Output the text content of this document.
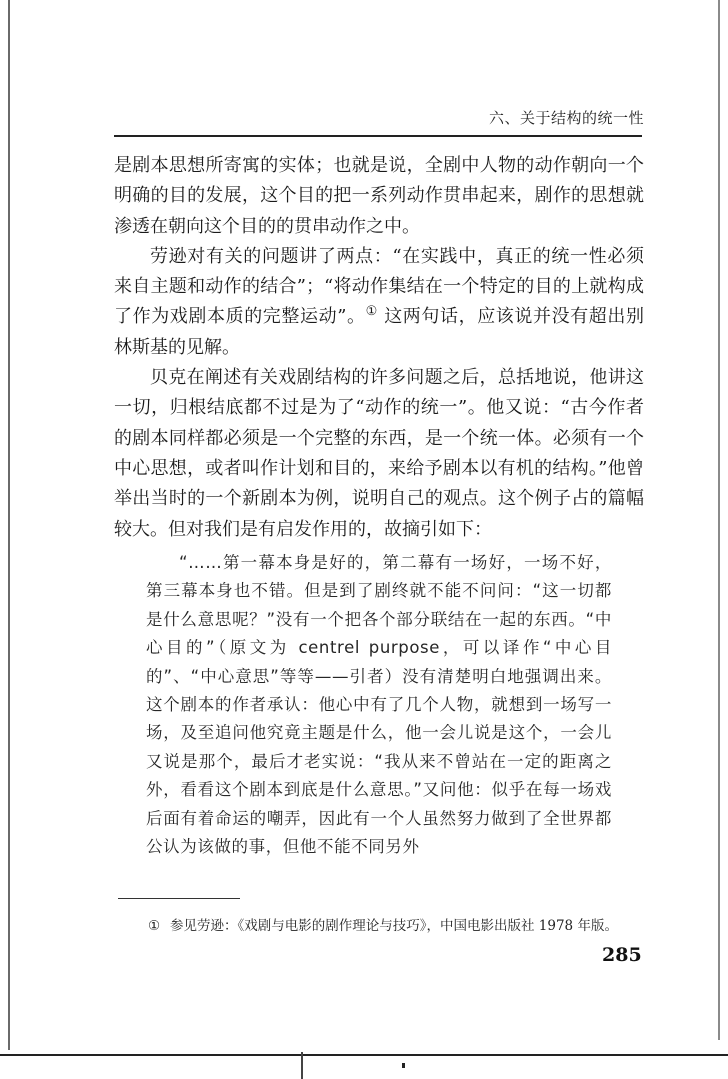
六、关于结构的统一性

是剧本思想所寄寓的实体；也就是说，全剧中人物的动作朝向一个明确的目的发展，这个目的把一系列动作贯串起来，剧作的思想就渗透在朝向这个目的的贯串动作之中。

劳逊对有关的问题讲了两点：“在实践中，真正的统一性必须来自主题和动作的结合”；“将动作集结在一个特定的目的上就构成了作为戏剧本质的完整运动”。① 这两句话，应该说并没有超出别林斯基的见解。

贝克在阐述有关戏剧结构的许多问题之后，总括地说，他讲这一切，归根结底都不过是为了“动作的统一”。他又说：“古今作者的剧本同样都必须是一个完整的东西，是一个统一体。必须有一个中心思想，或者叫作计划和目的，来给予剧本以有机的结构。”他曾举出当时的一个新剧本为例，说明自己的观点。这个例子占的篇幅较大。但对我们是有启发作用的，故摘引如下：

“……第一幕本身是好的，第二幕有一场好，一场不好，第三幕本身也不错。但是到了剧终就不能不问问：“这一切都是什么意思呢？”没有一个把各个部分联结在一起的东西。“中心目的”（原文为 centrel purpose，可以译作“中心目的”、“中心意思”等等——引者）没有清楚明白地强调出来。这个剧本的作者承认：他心中有了几个人物，就想到一场写一场，及至追问他究竟主题是什么，他一会儿说是这个，一会儿又说是那个，最后才老实说：“我从来不曾站在一定的距离之外，看看这个剧本到底是什么意思。”又问他：似乎在每一场戏后面有着命运的嘲弄，因此有一个人虽然努力做到了全世界都公认为该做的事，但他不能不同另外

① 参见劳逊：《戏剧与电影的剧作理论与技巧》，中国电影出版社 1978 年版。
285
